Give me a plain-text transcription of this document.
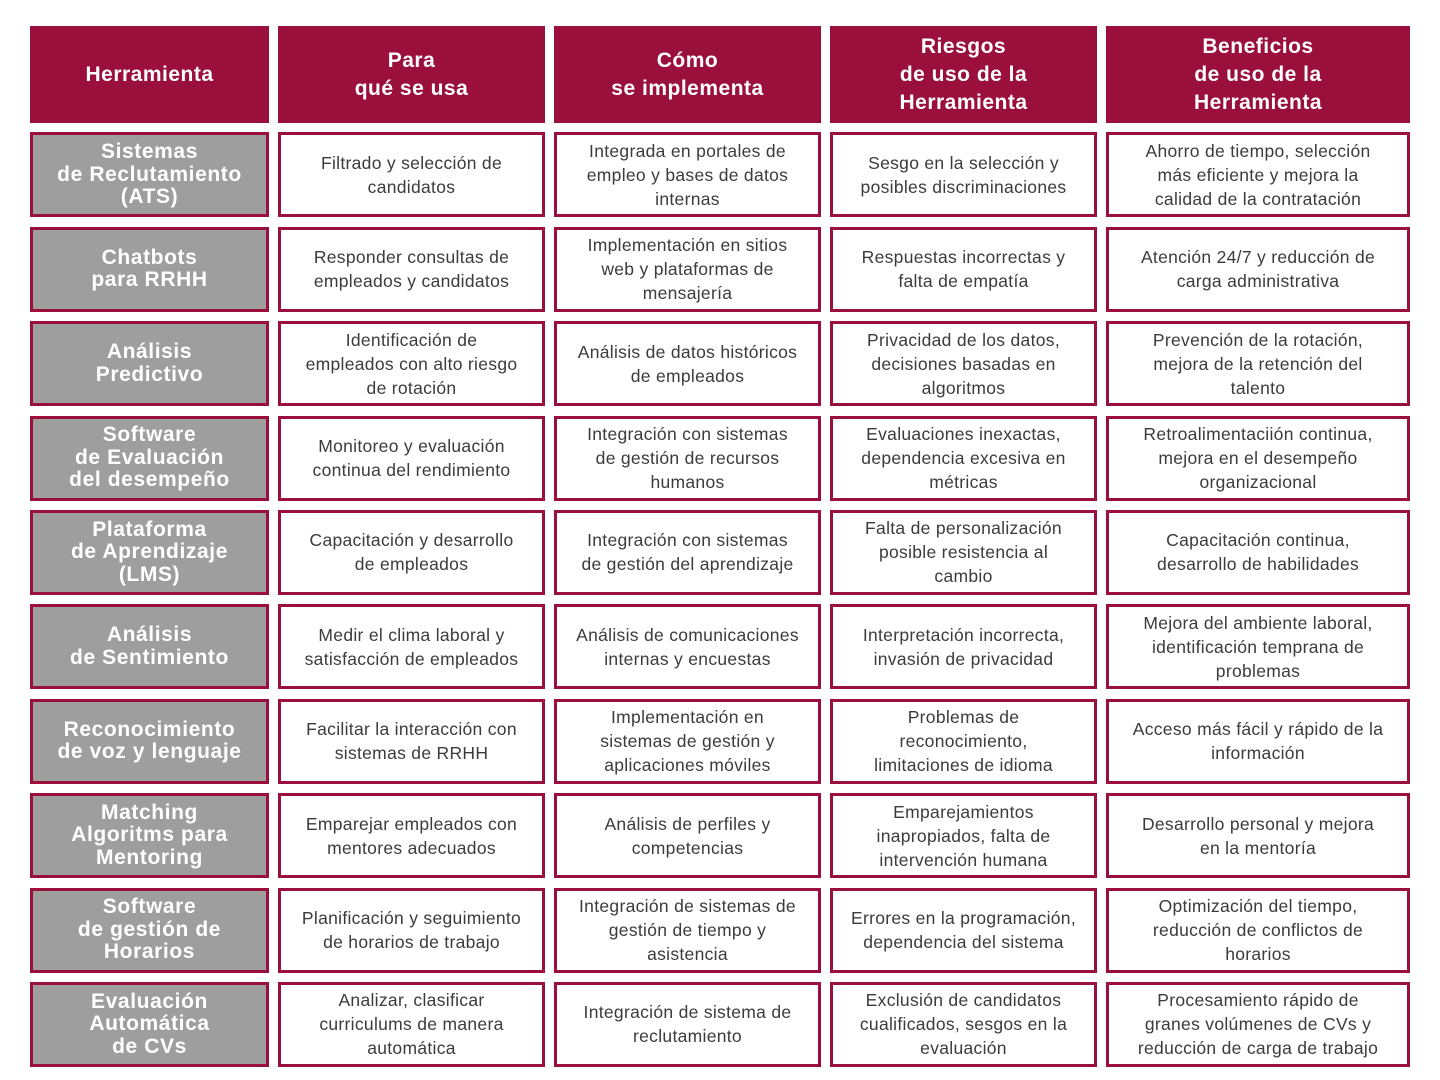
Herramienta
Para
qué se usa
Cómo
se implementa
Riesgos
de uso de la
Herramienta
Beneficios
de uso de la
Herramienta
Sistemas
de Reclutamiento
(ATS)
Filtrado y selección de
candidatos
Integrada en portales de
empleo y bases de datos
internas
Sesgo en la selección y
posibles discriminaciones
Ahorro de tiempo, selección
más eficiente y mejora la
calidad de la contratación
Chatbots
para RRHH
Responder consultas de
empleados y candidatos
Implementación en sitios
web y plataformas de
mensajería
Respuestas incorrectas y
falta de empatía
Atención 24/7 y reducción de
carga administrativa
Análisis
Predictivo
Identificación de
empleados con alto riesgo
de rotación
Análisis de datos históricos
de empleados
Privacidad de los datos,
decisiones basadas en
algoritmos
Prevención de la rotación,
mejora de la retención del
talento
Software
de Evaluación
del desempeño
Monitoreo y evaluación
continua del rendimiento
Integración con sistemas
de gestión de recursos
humanos
Evaluaciones inexactas,
dependencia excesiva en
métricas
Retroalimentaciión continua,
mejora en el desempeño
organizacional
Plataforma
de Aprendizaje
(LMS)
Capacitación y desarrollo
de empleados
Integración con sistemas
de gestión del aprendizaje
Falta de personalización
posible resistencia al
cambio
Capacitación continua,
desarrollo de habilidades
Análisis
de Sentimiento
Medir el clima laboral y
satisfacción de empleados
Análisis de comunicaciones
internas y encuestas
Interpretación incorrecta,
invasión de privacidad
Mejora del ambiente laboral,
identificación temprana de
problemas
Reconocimiento
de voz y lenguaje
Facilitar la interacción con
sistemas de RRHH
Implementación en
sistemas de gestión y
aplicaciones móviles
Problemas de
reconocimiento,
limitaciones de idioma
Acceso más fácil y rápido de la
información
Matching
Algoritms para
Mentoring
Emparejar empleados con
mentores adecuados
Análisis de perfiles y
competencias
Emparejamientos
inapropiados, falta de
intervención humana
Desarrollo personal y mejora
en la mentoría
Software
de gestión de
Horarios
Planificación y seguimiento
de horarios de trabajo
Integración de sistemas de
gestión de tiempo y
asistencia
Errores en la programación,
dependencia del sistema
Optimización del tiempo,
reducción de conflictos de
horarios
Evaluación
Automática
de CVs
Analizar, clasificar
curriculums de manera
automática
Integración de sistema de
reclutamiento
Exclusión de candidatos
cualificados, sesgos en la
evaluación
Procesamiento rápido de
granes volúmenes de CVs y
reducción de carga de trabajo
